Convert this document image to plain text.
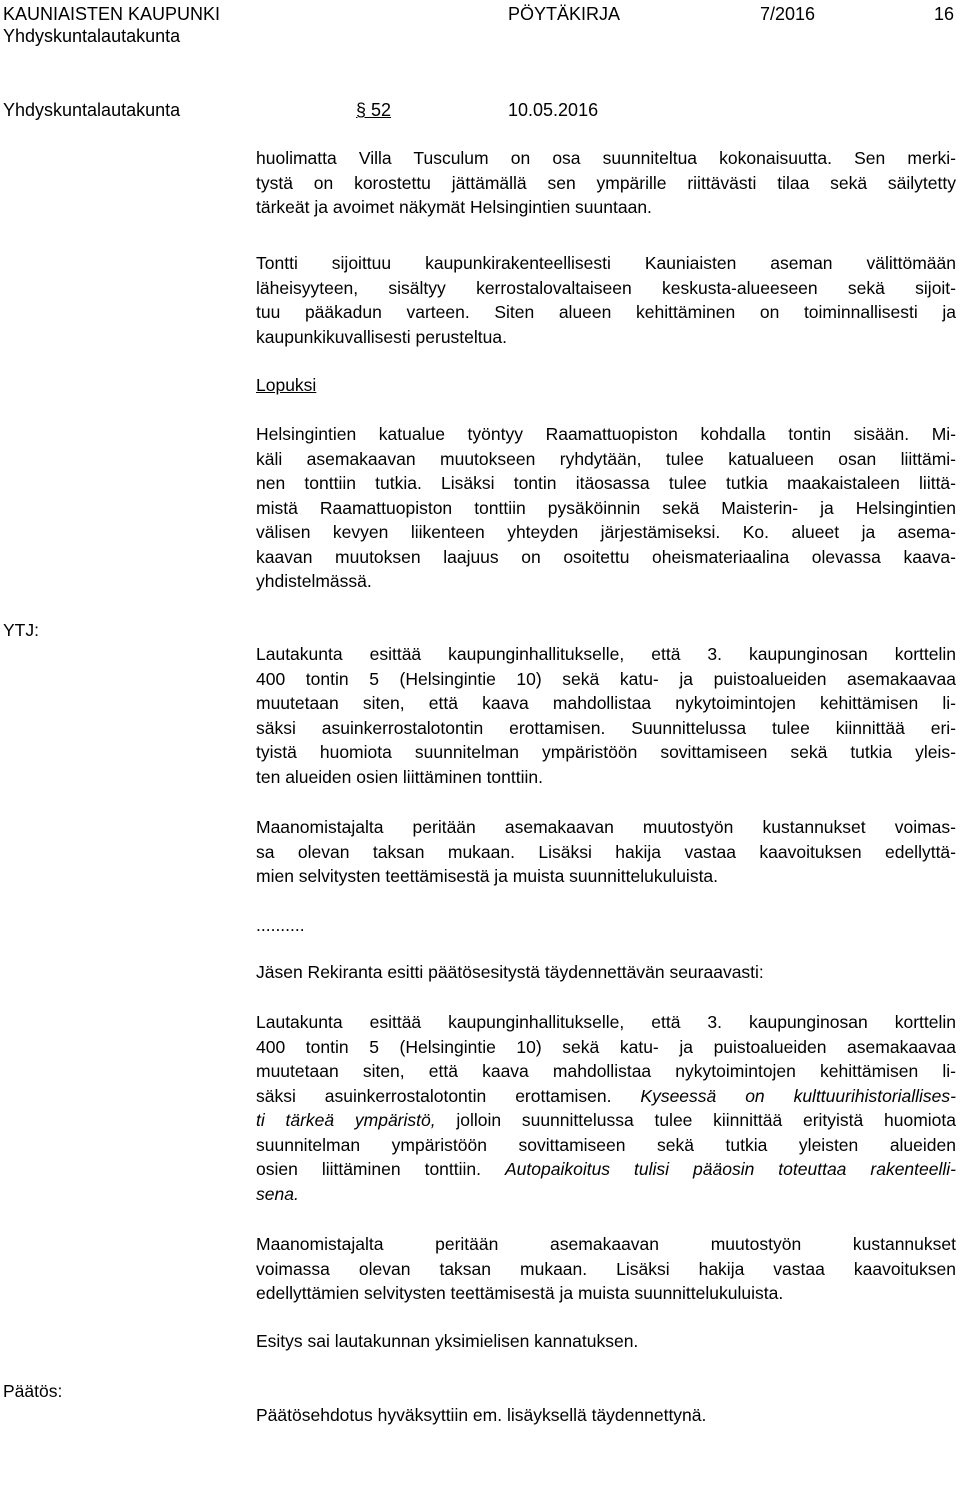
KAUNIAISTEN KAUPUNKI	PÖYTÄKIRJA	7/2016	16
Yhdyskuntalautakunta
Yhdyskuntalautakunta	§ 52	10.05.2016
huolimatta Villa Tusculum on osa suunniteltua kokonaisuutta. Sen merki-
tystä on korostettu jättämällä sen ympärille riittävästi tilaa sekä säilytetty
tärkeät ja avoimet näkymät Helsingintien suuntaan.
Tontti sijoittuu kaupunkirakenteellisesti Kauniaisten aseman välittömään
läheisyyteen, sisältyy kerrostalovaltaiseen keskusta-alueeseen sekä sijoit-
tuu pääkadun varteen. Siten alueen kehittäminen on toiminnallisesti ja
kaupunkikuvallisesti perusteltua.
Lopuksi
Helsingintien katualue työntyy Raamattuopiston kohdalla tontin sisään. Mi-
käli asemakaavan muutokseen ryhdytään, tulee katualueen osan liittämi-
nen tonttiin tutkia. Lisäksi tontin itäosassa tulee tutkia maakaistaleen liittä-
mistä Raamattuopiston tonttiin pysäköinnin sekä Maisterin- ja Helsingintien
välisen kevyen liikenteen yhteyden järjestämiseksi. Ko. alueet ja asema-
kaavan muutoksen laajuus on osoitettu oheismateriaalina olevassa kaava-
yhdistelmässä.
YTJ:
Lautakunta esittää kaupunginhallitukselle, että 3. kaupunginosan korttelin
400 tontin 5 (Helsingintie 10) sekä katu- ja puistoalueiden asemakaavaa
muutetaan siten, että kaava mahdollistaa nykytoimintojen kehittämisen li-
säksi asuinkerrostalotontin erottamisen. Suunnittelussa tulee kiinnittää eri-
tyistä huomiota suunnitelman ympäristöön sovittamiseen sekä tutkia yleis-
ten alueiden osien liittäminen tonttiin.
Maanomistajalta peritään asemakaavan muutostyön kustannukset voimas-
sa olevan taksan mukaan. Lisäksi hakija vastaa kaavoituksen edellyttä-
mien selvitysten teettämisestä ja muista suunnittelukuluista.
..........
Jäsen Rekiranta esitti päätösesitystä täydennettävän seuraavasti:
Lautakunta esittää kaupunginhallitukselle, että 3. kaupunginosan korttelin
400 tontin 5 (Helsingintie 10) sekä katu- ja puistoalueiden asemakaavaa
muutetaan siten, että kaava mahdollistaa nykytoimintojen kehittämisen li-
säksi asuinkerrostalotontin erottamisen. Kyseessä on kulttuurihistoriallises-
ti tärkeä ympäristö, jolloin suunnittelussa tulee kiinnittää erityistä huomiota
suunnitelman ympäristöön sovittamiseen sekä tutkia yleisten alueiden
osien liittäminen tonttiin. Autopaikoitus tulisi pääosin toteuttaa rakenteelli-
sena.
Maanomistajalta peritään asemakaavan muutostyön kustannukset
voimassa olevan taksan mukaan. Lisäksi hakija vastaa kaavoituksen
edellyttämien selvitysten teettämisestä ja muista suunnittelukuluista.
Esitys sai lautakunnan yksimielisen kannatuksen.
Päätös:
Päätösehdotus hyväksyttiin em. lisäyksellä täydennettynä.
